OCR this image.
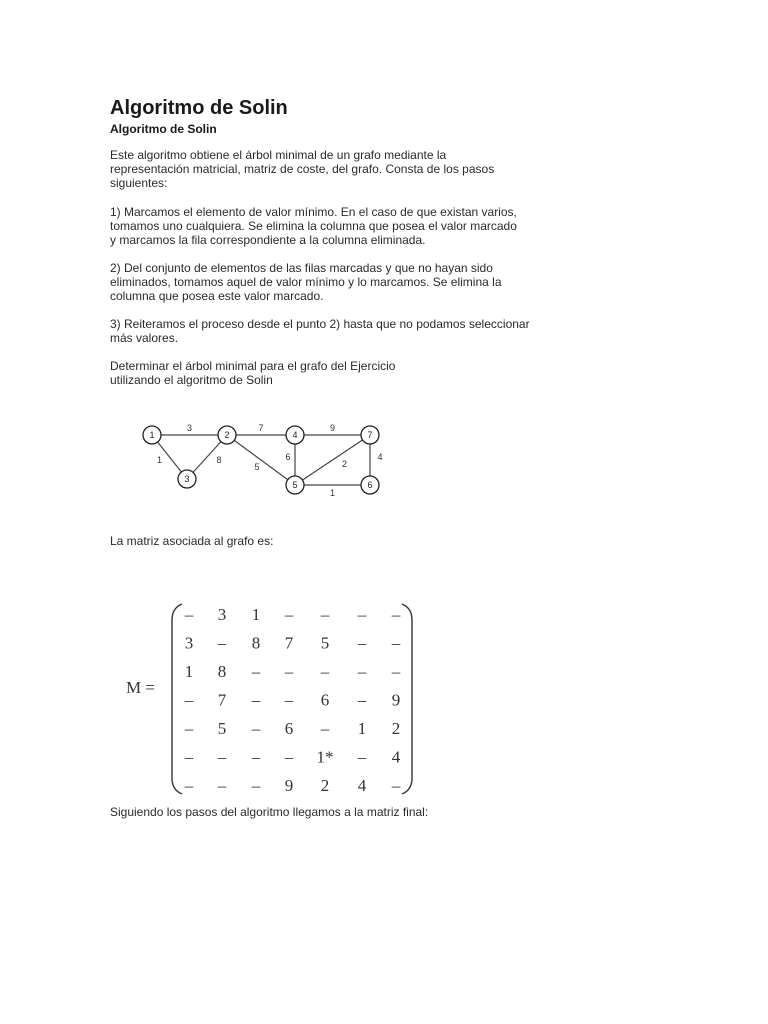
Algoritmo de Solin
Algoritmo de Solin

Este algoritmo obtiene el árbol minimal de un grafo mediante la
representación matricial, matriz de coste, del grafo. Consta de los pasos
siguientes:

1) Marcamos el elemento de valor mínimo. En el caso de que existan varios,
tomamos uno cualquiera. Se elimina la columna que posea el valor marcado
y marcamos la fila correspondiente a la columna eliminada.

2) Del conjunto de elementos de las filas marcadas y que no hayan sido
eliminados, tomamos aquel de valor mínimo y lo marcamos. Se elimina la
columna que posea este valor marcado.

3) Reiteramos el proceso desde el punto 2) hasta que no podamos seleccionar
más valores.

Determinar el árbol minimal para el grafo del Ejercicio
utilizando el algoritmo de Solin

La matriz asociada al grafo es:

Siguiendo los pasos del algoritmo llegamos a la matriz final:

3
1	8
7
5
9
6
2
1
4
1	2
3
4
5	6
7
M =
– 3 1 – – – –
3 – 8 7 5 – –
1 8 – – – – –
– 7 – – 6 – 9
– 5 – 6 – 1 2
– – – – 1* – 4
– – – 9 2 4 –
